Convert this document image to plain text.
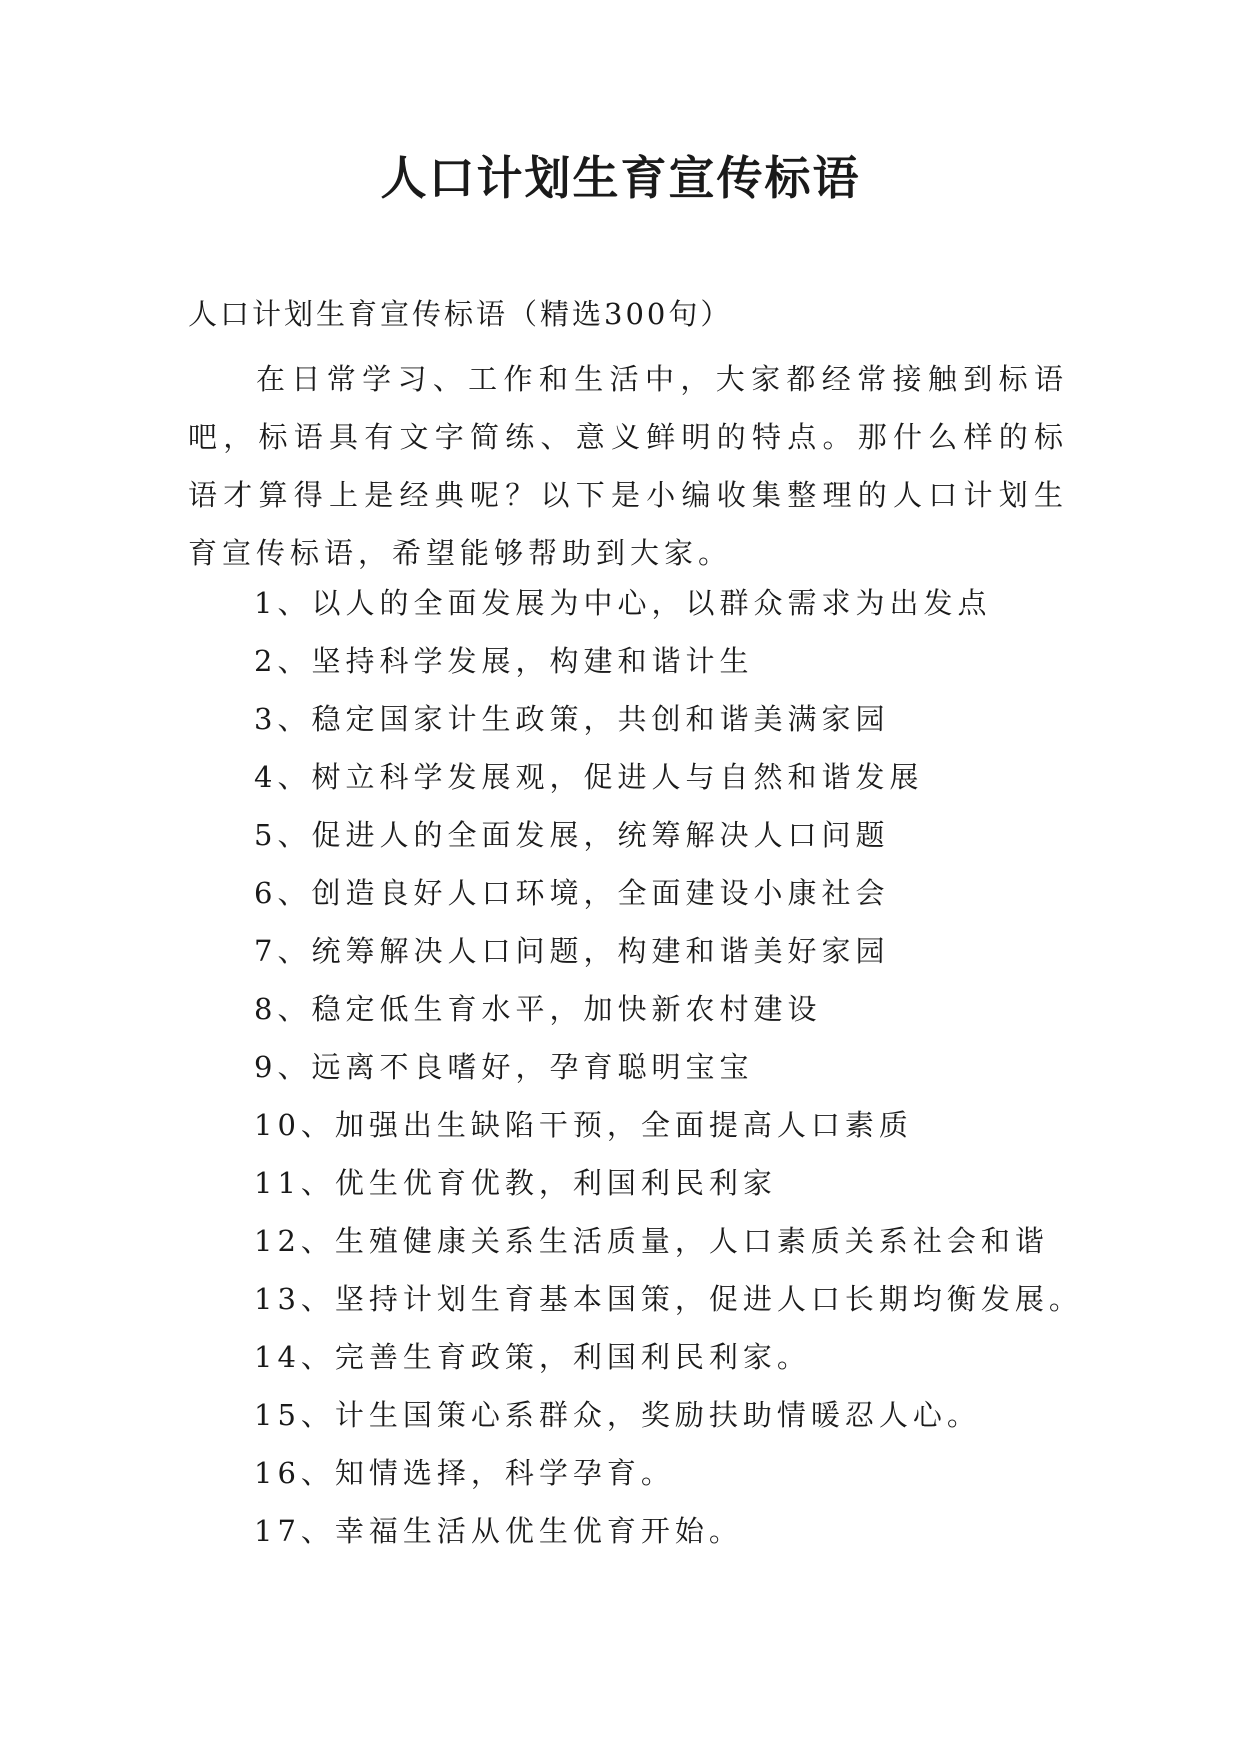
人口计划生育宣传标语
人口计划生育宣传标语（精选300句）

在日常学习、工作和生活中，大家都经常接触到标语吧，标语具有文字简练、意义鲜明的特点。那什么样的标语才算得上是经典呢？以下是小编收集整理的人口计划生育宣传标语，希望能够帮助到大家。

1、以人的全面发展为中心，以群众需求为出发点
2、坚持科学发展，构建和谐计生
3、稳定国家计生政策，共创和谐美满家园
4、树立科学发展观，促进人与自然和谐发展
5、促进人的全面发展，统筹解决人口问题
6、创造良好人口环境，全面建设小康社会
7、统筹解决人口问题，构建和谐美好家园
8、稳定低生育水平，加快新农村建设
9、远离不良嗜好，孕育聪明宝宝
10、加强出生缺陷干预，全面提高人口素质
11、优生优育优教，利国利民利家
12、生殖健康关系生活质量，人口素质关系社会和谐
13、坚持计划生育基本国策，促进人口长期均衡发展。
14、完善生育政策，利国利民利家。
15、计生国策心系群众，奖励扶助情暖忍人心。
16、知情选择，科学孕育。
17、幸福生活从优生优育开始。
